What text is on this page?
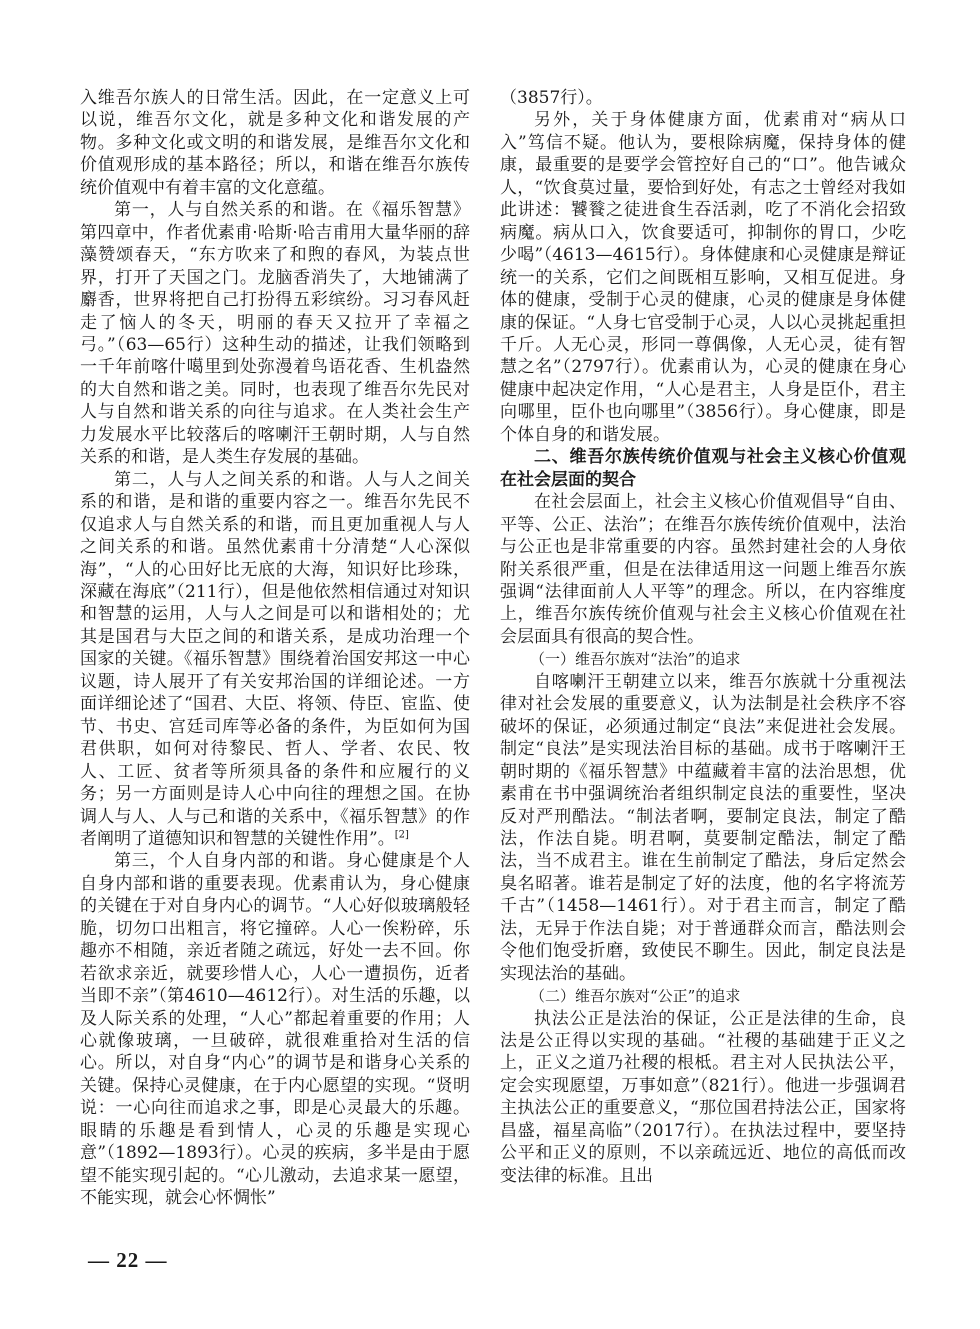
入维吾尔族人的日常生活。因此，在一定意义上可以说，维吾尔文化，就是多种文化和谐发展的产物。多种文化或文明的和谐发展，是维吾尔文化和价值观形成的基本路径；所以，和谐在维吾尔族传统价值观中有着丰富的文化意蕴。

第一，人与自然关系的和谐。在《福乐智慧》第四章中，作者优素甫·哈斯·哈吉甫用大量华丽的辞藻赞颂春天，“东方吹来了和煦的春风，为装点世界，打开了天国之门。龙脑香消失了，大地铺满了麝香，世界将把自己打扮得五彩缤纷。习习春风赶走了恼人的冬天，明丽的春天又拉开了幸福之弓。”（63—65行）这种生动的描述，让我们领略到一千年前喀什噶里到处弥漫着鸟语花香、生机盎然的大自然和谐之美。同时，也表现了维吾尔先民对人与自然和谐关系的向往与追求。在人类社会生产力发展水平比较落后的喀喇汗王朝时期，人与自然关系的和谐，是人类生存发展的基础。

第二，人与人之间关系的和谐。人与人之间关系的和谐，是和谐的重要内容之一。维吾尔先民不仅追求人与自然关系的和谐，而且更加重视人与人之间关系的和谐。虽然优素甫十分清楚“人心深似海”，“人的心田好比无底的大海，知识好比珍珠，深藏在海底”（211行），但是他依然相信通过对知识和智慧的运用，人与人之间是可以和谐相处的；尤其是国君与大臣之间的和谐关系，是成功治理一个国家的关键。《福乐智慧》围绕着治国安邦这一中心议题，诗人展开了有关安邦治国的详细论述。一方面详细论述了“国君、大臣、将领、侍臣、宦监、使节、书史、宫廷司库等必备的条件，为臣如何为国君供职，如何对待黎民、哲人、学者、农民、牧人、工匠、贫者等所须具备的条件和应履行的义务；另一方面则是诗人心中向往的理想之国。在协调人与人、人与己和谐的关系中，《福乐智慧》的作者阐明了道德知识和智慧的关键性作用”。[2]

第三，个人自身内部的和谐。身心健康是个人自身内部和谐的重要表现。优素甫认为，身心健康的关键在于对自身内心的调节。“人心好似玻璃般轻脆，切勿口出粗言，将它撞碎。人心一俟粉碎，乐趣亦不相随，亲近者随之疏远，好处一去不回。你若欲求亲近，就要珍惜人心，人心一遭损伤，近者当即不亲”（第4610—4612行）。对生活的乐趣，以及人际关系的处理，“人心”都起着重要的作用；人心就像玻璃，一旦破碎，就很难重拾对生活的信心。所以，对自身“内心”的调节是和谐身心关系的关键。保持心灵健康，在于内心愿望的实现。“贤明说：一心向往而追求之事，即是心灵最大的乐趣。眼睛的乐趣是看到情人，心灵的乐趣是实现心意”（1892—1893行）。心灵的疾病，多半是由于愿望不能实现引起的。“心儿激动，去追求某一愿望，不能实现，就会心怀惆怅”

（3857行）。

另外，关于身体健康方面，优素甫对“病从口入”笃信不疑。他认为，要根除病魔，保持身体的健康，最重要的是要学会管控好自己的“口”。他告诫众人，“饮食莫过量，要恰到好处，有志之士曾经对我如此讲述：饕餮之徒进食生吞活剥，吃了不消化会招致病魔。病从口入，饮食要适可，抑制你的胃口，少吃少喝”（4613—4615行）。身体健康和心灵健康是辩证统一的关系，它们之间既相互影响，又相互促进。身体的健康，受制于心灵的健康，心灵的健康是身体健康的保证。“人身七官受制于心灵，人以心灵挑起重担千斤。人无心灵，形同一尊偶像，人无心灵，徒有智慧之名”（2797行）。优素甫认为，心灵的健康在身心健康中起决定作用，“人心是君主，人身是臣仆，君主向哪里，臣仆也向哪里”（3856行）。身心健康，即是个体自身的和谐发展。

二、维吾尔族传统价值观与社会主义核心价值观在社会层面的契合

在社会层面上，社会主义核心价值观倡导“自由、平等、公正、法治”；在维吾尔族传统价值观中，法治与公正也是非常重要的内容。虽然封建社会的人身依附关系很严重，但是在法律适用这一问题上维吾尔族强调“法律面前人人平等”的理念。所以，在内容维度上，维吾尔族传统价值观与社会主义核心价值观在社会层面具有很高的契合性。

（一）维吾尔族对“法治”的追求

自喀喇汗王朝建立以来，维吾尔族就十分重视法律对社会发展的重要意义，认为法制是社会秩序不容破坏的保证，必须通过制定“良法”来促进社会发展。制定“良法”是实现法治目标的基础。成书于喀喇汗王朝时期的《福乐智慧》中蕴藏着丰富的法治思想，优素甫在书中强调统治者组织制定良法的重要性，坚决反对严刑酷法。“制法者啊，要制定良法，制定了酷法，作法自毙。明君啊，莫要制定酷法，制定了酷法，当不成君主。谁在生前制定了酷法，身后定然会臭名昭著。谁若是制定了好的法度，他的名字将流芳千古”（1458—1461行）。对于君主而言，制定了酷法，无异于作法自毙；对于普通群众而言，酷法则会令他们饱受折磨，致使民不聊生。因此，制定良法是实现法治的基础。

（二）维吾尔族对“公正”的追求

执法公正是法治的保证，公正是法律的生命，良法是公正得以实现的基础。“社稷的基础建于正义之上，正义之道乃社稷的根柢。君主对人民执法公平，定会实现愿望，万事如意”（821行）。他进一步强调君主执法公正的重要意义，“那位国君持法公正，国家将昌盛，福星高临”（2017行）。在执法过程中，要坚持公平和正义的原则，不以亲疏远近、地位的高低而改变法律的标准。且出

— 22 —
